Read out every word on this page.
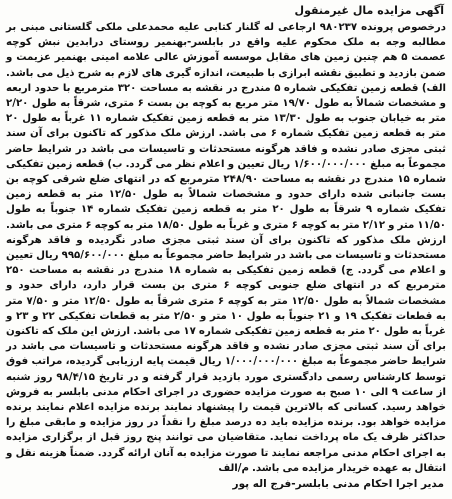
آگهی مزایده مال غیرمنقول

درخصوص پرونده ۹۸۰۲۳۷ ارجاعی له گلنار کتابی علیه محمدعلی ملکی گلستانی مبنی بر مطالبه وجه به ملک محکوم علیه واقع در بابلسر-بهنمیر روستای درابدین نبش کوچه عصمت ۵ هم چنین زمین های مقابل موسسه آموزش عالی علامه امینی بهنمیر عزیمت و ضمن بازدید و تطبیق نقشه ابرازی با طبیعت، اندازه گیری های لازم به شرح ذیل می باشد. الف) قطعه زمین تفکیکی شماره ۵ مندرج در نقشه به مساحت ۳۲۰ مترمربع با حدود اربعه و مشخصات شمالاً به طول ۱۹/۷۰ متر مربع به کوچه بن بست ۶ متری، شرقاً به طول ۲/۲۰ متر به خیابان جنوب به طول ۱۳/۳۰ متر به قطعه زمین تفکیک شماره ۱۱ غرباً به طول ۲۰ متر به قطعه زمین تفکیک شماره ۶ می باشد. ارزش ملک مذکور که تاکنون برای آن سند ثبتی مجزی صادر نشده و فاقد هرگونه مستحدثات و تاسیسات می باشد در شرایط حاضر مجموعاً به مبلغ ۱/۶۰۰/۰۰۰/۰۰۰ ریال تعیین و اعلام نظر می گردد. ب) قطعه زمین تفکیکی شماره ۱۵ مندرج در نقشه به مساحت ۲۴۸/۹۰ مترمربع که در انتهای ضلع شرقی کوچه بن بست جانبانی شده دارای حدود و مشخصات شمالاً به طول ۱۲/۵۰ متر به قطعه زمین تفکیک شماره ۹ شرقاً به طول ۲۰ متر به قطعه زمین تفکیک شماره ۱۴ جنوباً به طول ۱۱/۵۰ متر و ۲/۱۲ متر به کوچه ۶ متری و غرباً به طول ۱۸/۵۰ متر به کوچه ۶ متری می باشد. ارزش ملک مذکور که تاکنون برای آن سند ثبتی مجزی صادر نگردیده و فاقد هرگونه مستحدثات و تاسیسات می باشد در شرایط حاضر مجموعاً به مبلغ ۹۹۵/۶۰۰/۰۰۰ ریال تعیین و اعلام می گردد. ج) قطعه زمین تفکیکی به شماره ۱۸ مندرج در نقشه به مساحت ۲۵۰ مترمربع که در انتهای ضلع جنوبی کوچه ۶ متری بن بست قرار دارد، دارای حدود و مشخصات شمالاً به طول ۱۲/۵۰ متر به کوچه ۶ متری شرقاً به طول ۱۲/۵۰ متر و ۷/۵۰ متر به قطعات تفکیک ۱۹ و ۲۱ جنوباً به طول ۱۰ متر و ۲/۵۰ متر به قطعات تفکیکی ۲۲ و ۲۳ و غرباً به طول ۲۰ متر به قطعه زمین تفکیکی شماره ۱۷ می باشد. ارزش این ملک که تاکنون برای آن سند ثبتی مجزی صادر نشده و فاقد هرگونه مستحدثات و تاسیسات می باشد در شرایط حاضر مجموعاً به مبلغ ۱/۰۰۰/۰۰۰/۰۰۰ ریال قیمت پایه ارزیابی گردیده، مراتب فوق توسط کارشناس رسمی دادگستری مورد بازدید قرار گرفته و در تاریخ ۹۸/۴/۱۵ روز شنبه از ساعت ۹ الی ۱۰ صبح به صورت مزایده حضوری در اجرای احکام مدنی بابلسر به فروش خواهد رسید. کسانی که بالاترین قیمت را پیشنهاد نمایند برنده مزایده اعلام نمایند برنده مزایده خواهد بود. برنده مزایده باید ده درصد مبلغ را نقداً در روز مزایده و مابقی مبلغ را حداکثر ظرف یک ماه پرداخت نماید. متقاضیان می توانند پنج روز قبل از برگزاری مزایده به اجرای احکام مدنی مراجعه نمایند تا صورت مزایده به آنان ارائه گردد. ضمناً هزینه نقل و انتقال به عهده خریدار مزایده می باشد. م/الف

مدیر اجرا احکام مدنی بابلسر-فرج اله پور
